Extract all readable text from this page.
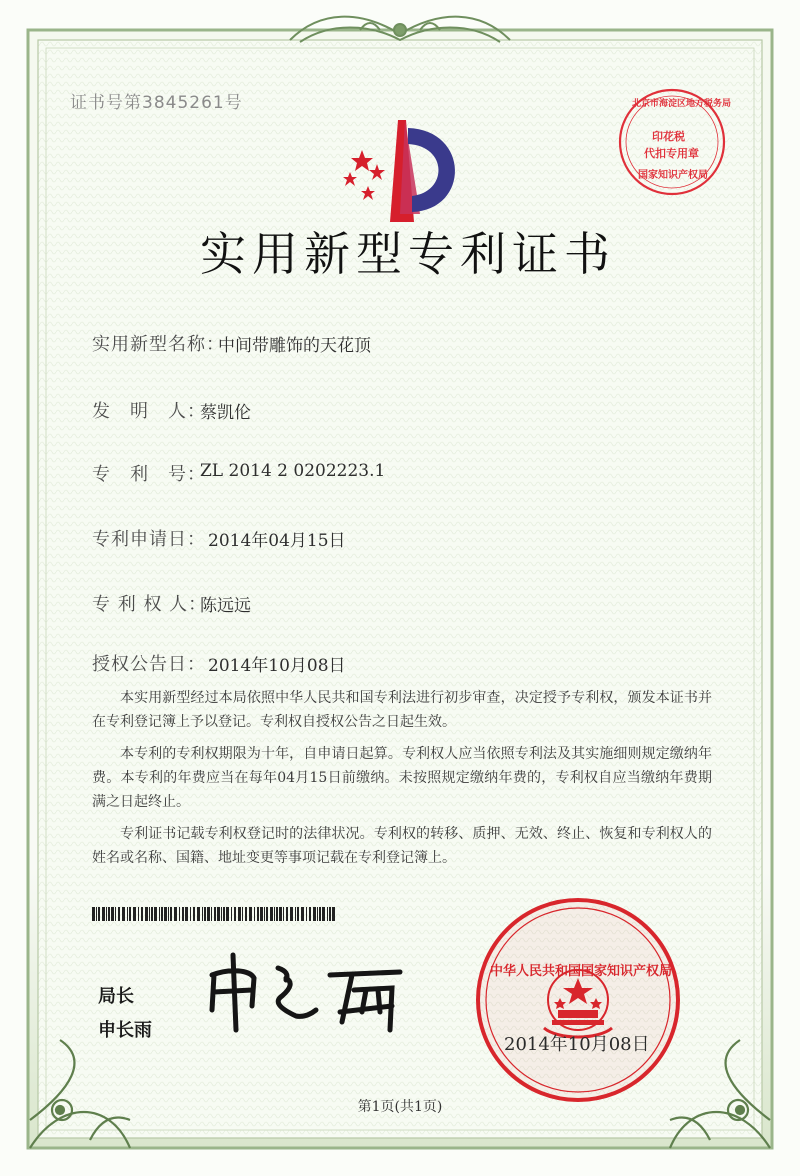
证书号第3845261号	北京市海淀区地方税务局
印花税
代扣专用章
国家知识产权局
实用新型专利证书
实用新型名称：
中间带雕饰的天花顶
发　明　人：
蔡凯伦
专　利　号：
ZL 2014 2 0202223.1
专利申请日： 2014年04月15日
专 利 权 人：
陈远远
授权公告日： 2014年10月08日

本实用新型经过本局依照中华人民共和国专利法进行初步审查，决定授予专利权，颁发本证书并在专利登记簿上予以登记。专利权自授权公告之日起生效。

本专利的专利权期限为十年，自申请日起算。专利权人应当依照专利法及其实施细则规定缴纳年费。本专利的年费应当在每年04月15日前缴纳。未按照规定缴纳年费的，专利权自应当缴纳年费期满之日起终止。

专利证书记载专利权登记时的法律状况。专利权的转移、质押、无效、终止、恢复和专利权人的姓名或名称、国籍、地址变更等事项记载在专利登记簿上。

局长
申长雨
中华人民共和国国家知识产权局
2014年10月08日
第1页(共1页)
